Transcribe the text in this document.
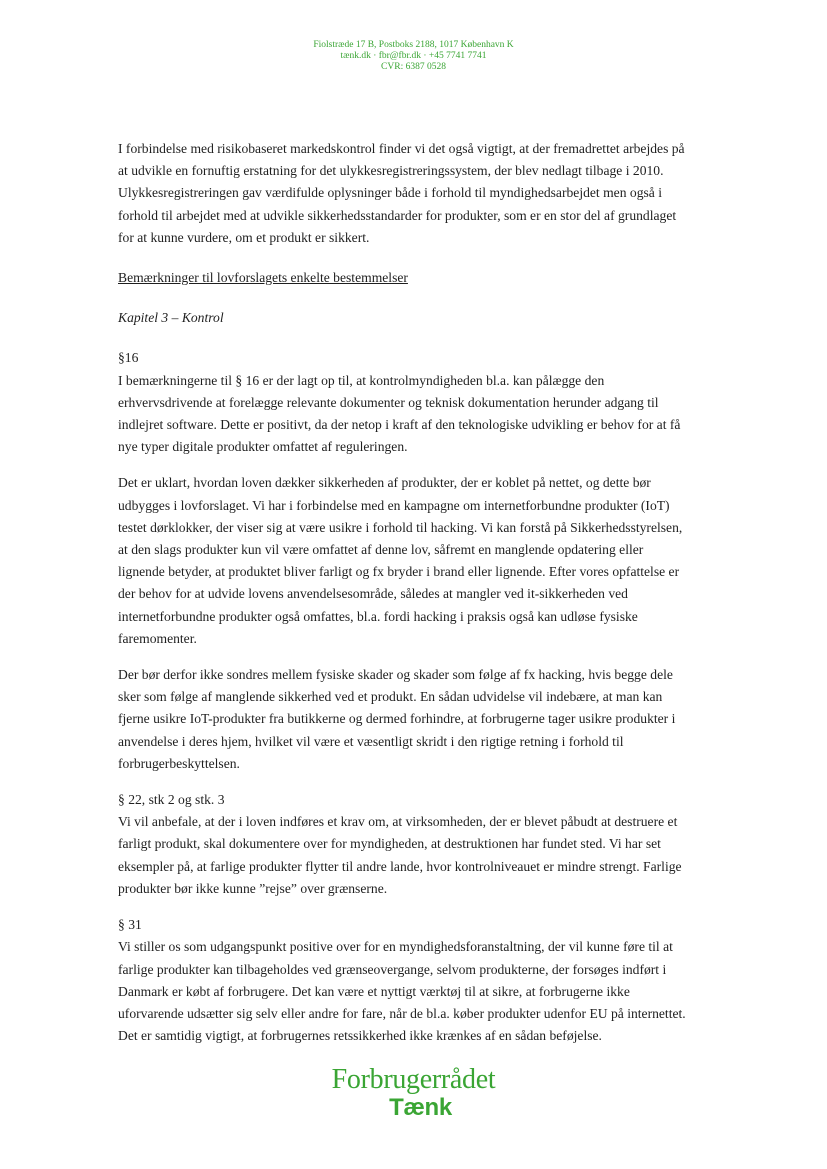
Fiolstræde 17 B, Postboks 2188, 1017 København K
tænk.dk · fbr@fbr.dk · +45 7741 7741
CVR: 6387 0528

I forbindelse med risikobaseret markedskontrol finder vi det også vigtigt, at der fremadrettet arbejdes på at udvikle en fornuftig erstatning for det ulykkesregistreringssystem, der blev nedlagt tilbage i 2010. Ulykkesregistreringen gav værdifulde oplysninger både i forhold til myndighedsarbejdet men også i forhold til arbejdet med at udvikle sikkerhedsstandarder for produkter, som er en stor del af grundlaget for at kunne vurdere, om et produkt er sikkert.

Bemærkninger til lovforslagets enkelte bestemmelser

Kapitel 3 – Kontrol

§16

I bemærkningerne til § 16 er der lagt op til, at kontrolmyndigheden bl.a. kan pålægge den erhvervsdrivende at forelægge relevante dokumenter og teknisk dokumentation herunder adgang til indlejret software. Dette er positivt, da der netop i kraft af den teknologiske udvikling er behov for at få nye typer digitale produkter omfattet af reguleringen.

Det er uklart, hvordan loven dækker sikkerheden af produkter, der er koblet på nettet, og dette bør udbygges i lovforslaget. Vi har i forbindelse med en kampagne om internetforbundne produkter (IoT) testet dørklokker, der viser sig at være usikre i forhold til hacking. Vi kan forstå på Sikkerhedsstyrelsen, at den slags produkter kun vil være omfattet af denne lov, såfremt en manglende opdatering eller lignende betyder, at produktet bliver farligt og fx bryder i brand eller lignende. Efter vores opfattelse er der behov for at udvide lovens anvendelsesområde, således at mangler ved it-sikkerheden ved internetforbundne produkter også omfattes, bl.a. fordi hacking i praksis også kan udløse fysiske faremomenter.

Der bør derfor ikke sondres mellem fysiske skader og skader som følge af fx hacking, hvis begge dele sker som følge af manglende sikkerhed ved et produkt. En sådan udvidelse vil indebære, at man kan fjerne usikre IoT-produkter fra butikkerne og dermed forhindre, at forbrugerne tager usikre produkter i anvendelse i deres hjem, hvilket vil være et væsentligt skridt i den rigtige retning i forhold til forbrugerbeskyttelsen.

§ 22, stk 2 og stk. 3

Vi vil anbefale, at der i loven indføres et krav om, at virksomheden, der er blevet påbudt at destruere et farligt produkt, skal dokumentere over for myndigheden, at destruktionen har fundet sted. Vi har set eksempler på, at farlige produkter flytter til andre lande, hvor kontrolniveauet er mindre strengt. Farlige produkter bør ikke kunne ”rejse” over grænserne.

§ 31

Vi stiller os som udgangspunkt positive over for en myndighedsforanstaltning, der vil kunne føre til at farlige produkter kan tilbageholdes ved grænseovergange, selvom produkterne, der forsøges indført i Danmark er købt af forbrugere. Det kan være et nyttigt værktøj til at sikre, at forbrugerne ikke uforvarende udsætter sig selv eller andre for fare, når de bl.a. køber produkter udenfor EU på internettet. Det er samtidig vigtigt, at forbrugernes retssikkerhed ikke krænkes af en sådan beføjelse.

Forbrugerrådet
Tænk
